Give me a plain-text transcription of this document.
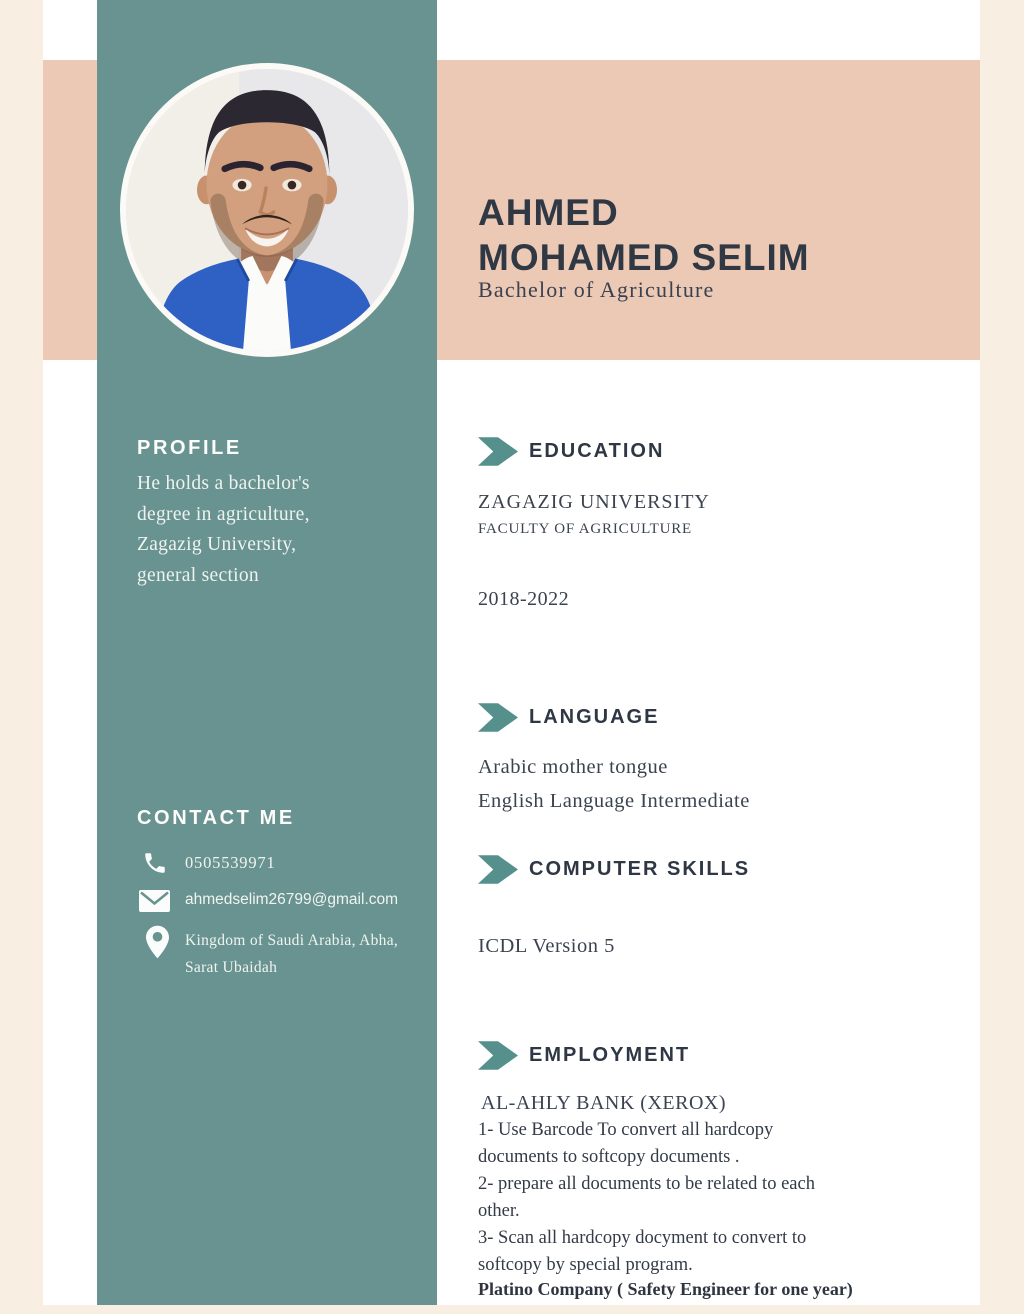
PROFILE
He holds a bachelor's
degree in agriculture,
Zagazig University,
general section
CONTACT ME
0505539971
ahmedselim26799@gmail.com
Kingdom of Saudi Arabia, Abha,
Sarat Ubaidah
AHMED
MOHAMED SELIM
Bachelor of Agriculture
EDUCATION
ZAGAZIG UNIVERSITY
FACULTY OF AGRICULTURE
2018-2022
LANGUAGE
Arabic mother tongue
English Language Intermediate
COMPUTER SKILLS
ICDL Version 5
EMPLOYMENT
AL-AHLY BANK (XEROX)
1- Use Barcode To convert all hardcopy
documents to softcopy documents .
2- prepare all documents to be related to each
other.
3- Scan all hardcopy docyment to convert to
softcopy by special program.
Platino Company ( Safety Engineer for one year)
